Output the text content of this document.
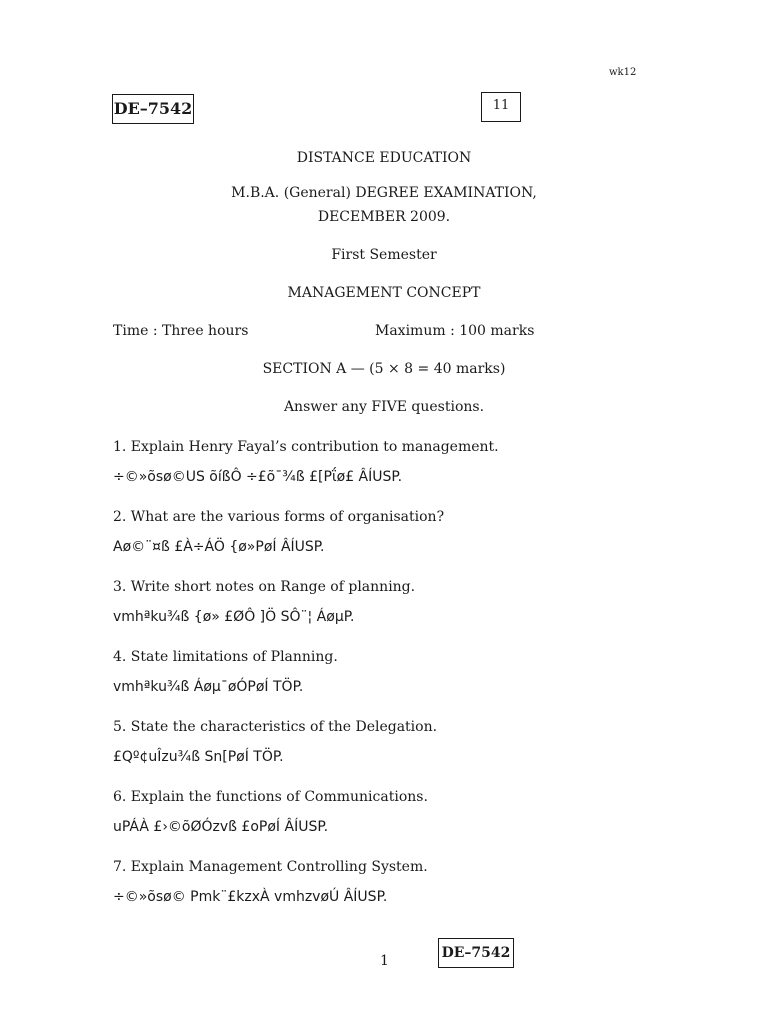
wk12
DE–7542	11
DISTANCE EDUCATION
M.B.A. (General) DEGREE EXAMINATION,
DECEMBER 2009.
First Semester
MANAGEMENT CONCEPT
Time : Three hours	Maximum : 100 marks
SECTION A — (5 × 8 = 40 marks)
Answer any FIVE questions.
1. Explain Henry Fayal’s contribution to management.
÷©»õsø©US õíßÔ ÷£õ¯¾ß £[Pΐø£ ÂÍUSP.
2. What are the various forms of organisation?
Aø©¨¤ß £À÷ÁÖ {ø»PøÍ ÂÍUSP.
3. Write short notes on Range of planning.
vmhªku¾ß {ø» £ØÔ ]Ö SÔ¨¦ ÁøµP.
4. State limitations of Planning.
vmhªku¾ß Áøµ¯øÓPøÍ TÖP.
5. State the characteristics of the Delegation.
£Qº¢uÎzu¾ß Sn[PøÍ TÖP.
6. Explain the functions of Communications.
uPÁÀ £›©õØÓzvß £oPøÍ ÂÍUSP.
7. Explain Management Controlling System.
÷©»õsø© Pmk¨£kzxÀ vmhzvøÚ ÂÍUSP.
1	DE–7542
